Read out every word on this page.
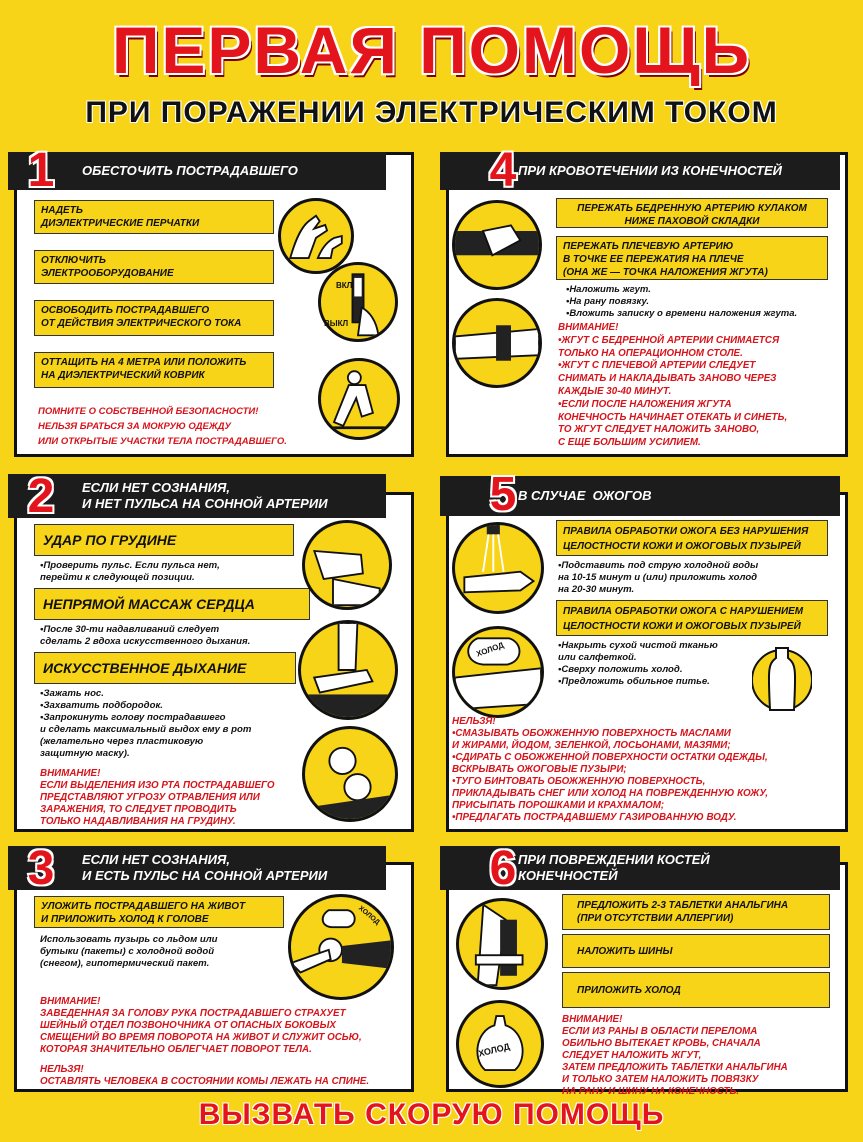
ПЕРВАЯ ПОМОЩЬ
ПРИ ПОРАЖЕНИИ ЭЛЕКТРИЧЕСКИМ ТОКОМ
ОБЕСТОЧИТЬ ПОСТРАДАВШЕГО
1
НАДЕТЬ
ДИЭЛЕКТРИЧЕСКИЕ ПЕРЧАТКИ
ОТКЛЮЧИТЬ
ЭЛЕКТРООБОРУДОВАНИЕ
ОСВОБОДИТЬ ПОСТРАДАВШЕГО
ОТ ДЕЙСТВИЯ ЭЛЕКТРИЧЕСКОГО ТОКА
ОТТАЩИТЬ НА 4 МЕТРА ИЛИ ПОЛОЖИТЬ
НА ДИЭЛЕКТРИЧЕСКИЙ КОВРИК
ВКЛ
ВЫКЛ
ПОМНИТЕ О СОБСТВЕННОЙ БЕЗОПАСНОСТИ!
НЕЛЬЗЯ БРАТЬСЯ ЗА МОКРУЮ ОДЕЖДУ
ИЛИ ОТКРЫТЫЕ УЧАСТКИ ТЕЛА ПОСТРАДАВШЕГО.
ПРИ КРОВОТЕЧЕНИИ ИЗ КОНЕЧНОСТЕЙ
4
ПЕРЕЖАТЬ БЕДРЕННУЮ АРТЕРИЮ КУЛАКОМ
НИЖЕ ПАХОВОЙ СКЛАДКИ
ПЕРЕЖАТЬ ПЛЕЧЕВУЮ АРТЕРИЮ
В ТОЧКЕ ЕЕ ПЕРЕЖАТИЯ НА ПЛЕЧЕ
(ОНА ЖЕ — ТОЧКА НАЛОЖЕНИЯ ЖГУТА)
•Наложить жгут.
•На рану повязку.
•Вложить записку о времени наложения жгута.
ВНИМАНИЕ!
•ЖГУТ С БЕДРЕННОЙ АРТЕРИИ СНИМАЕТСЯ
ТОЛЬКО НА ОПЕРАЦИОННОМ СТОЛЕ.
•ЖГУТ С ПЛЕЧЕВОЙ АРТЕРИИ СЛЕДУЕТ
СНИМАТЬ И НАКЛАДЫВАТЬ ЗАНОВО ЧЕРЕЗ
КАЖДЫЕ 30-40 МИНУТ.
•ЕСЛИ ПОСЛЕ НАЛОЖЕНИЯ ЖГУТА
КОНЕЧНОСТЬ НАЧИНАЕТ ОТЕКАТЬ И СИНЕТЬ,
ТО ЖГУТ СЛЕДУЕТ НАЛОЖИТЬ ЗАНОВО,
С ЕЩЕ БОЛЬШИМ УСИЛИЕМ.
ЕСЛИ НЕТ СОЗНАНИЯ,
И НЕТ ПУЛЬСА НА СОННОЙ АРТЕРИИ
2
УДАР ПО ГРУДИНЕ
•Проверить пульс. Если пульса нет,
перейти к следующей позиции.
НЕПРЯМОЙ МАССАЖ СЕРДЦА
•После 30-ти надавливаний следует
сделать 2 вдоха искусственного дыхания.
ИСКУССТВЕННОЕ ДЫХАНИЕ
•Зажать нос.
•Захватить подбородок.
•Запрокинуть голову пострадавшего
и сделать максимальный выдох ему в рот
(желательно через пластиковую
защитную маску).
ВНИМАНИЕ!
ЕСЛИ ВЫДЕЛЕНИЯ ИЗО РТА ПОСТРАДАВШЕГО
ПРЕДСТАВЛЯЮТ УГРОЗУ ОТРАВЛЕНИЯ ИЛИ
ЗАРАЖЕНИЯ, ТО СЛЕДУЕТ ПРОВОДИТЬ
ТОЛЬКО НАДАВЛИВАНИЯ НА ГРУДИНУ.
В СЛУЧАЕ  ОЖОГОВ
5
ХОЛОД
ПРАВИЛА ОБРАБОТКИ ОЖОГА БЕЗ НАРУШЕНИЯ
ЦЕЛОСТНОСТИ КОЖИ И ОЖОГОВЫХ ПУЗЫРЕЙ
•Подставить под струю холодной воды
на 10-15 минут и (или) приложить холод
на 20-30 минут.
ПРАВИЛА ОБРАБОТКИ ОЖОГА С НАРУШЕНИЕМ
ЦЕЛОСТНОСТИ КОЖИ И ОЖОГОВЫХ ПУЗЫРЕЙ
•Накрыть сухой чистой тканью
или салфеткой.
•Сверху положить холод.
•Предложить обильное питье.
НЕЛЬЗЯ!
•СМАЗЫВАТЬ ОБОЖЖЕННУЮ ПОВЕРХНОСТЬ МАСЛАМИ
И ЖИРАМИ, ЙОДОМ, ЗЕЛЕНКОЙ, ЛОСЬОНАМИ, МАЗЯМИ;
•СДИРАТЬ С ОБОЖЖЕННОЙ ПОВЕРХНОСТИ ОСТАТКИ ОДЕЖДЫ,
ВСКРЫВАТЬ ОЖОГОВЫЕ ПУЗЫРИ;
•ТУГО БИНТОВАТЬ ОБОЖЖЕННУЮ ПОВЕРХНОСТЬ,
ПРИКЛАДЫВАТЬ СНЕГ ИЛИ ХОЛОД НА ПОВРЕЖДЕННУЮ КОЖУ,
ПРИСЫПАТЬ ПОРОШКАМИ И КРАХМАЛОМ;
•ПРЕДЛАГАТЬ ПОСТРАДАВШЕМУ ГАЗИРОВАННУЮ ВОДУ.
ЕСЛИ НЕТ СОЗНАНИЯ,
И ЕСТЬ ПУЛЬС НА СОННОЙ АРТЕРИИ
3
УЛОЖИТЬ ПОСТРАДАВШЕГО НА ЖИВОТ
И ПРИЛОЖИТЬ ХОЛОД К ГОЛОВЕ
Использовать пузырь со льдом или
бутыки (пакеты) с холодной водой
(снегом), гипотермический пакет.
ХОЛОД
ВНИМАНИЕ!
ЗАВЕДЕННАЯ ЗА ГОЛОВУ РУКА ПОСТРАДАВШЕГО СТРАХУЕТ
ШЕЙНЫЙ ОТДЕЛ ПОЗВОНОЧНИКА ОТ ОПАСНЫХ БОКОВЫХ
СМЕЩЕНИЙ ВО ВРЕМЯ ПОВОРОТА НА ЖИВОТ И СЛУЖИТ ОСЬЮ,
КОТОРАЯ ЗНАЧИТЕЛЬНО ОБЛЕГЧАЕТ ПОВОРОТ ТЕЛА.
НЕЛЬЗЯ!
ОСТАВЛЯТЬ ЧЕЛОВЕКА В СОСТОЯНИИ КОМЫ ЛЕЖАТЬ НА СПИНЕ.
ПРИ ПОВРЕЖДЕНИИ КОСТЕЙ
КОНЕЧНОСТЕЙ
6
ХОЛОД
ПРЕДЛОЖИТЬ 2-3 ТАБЛЕТКИ АНАЛЬГИНА
(ПРИ ОТСУТСТВИИ АЛЛЕРГИИ)
НАЛОЖИТЬ ШИНЫ
ПРИЛОЖИТЬ ХОЛОД
ВНИМАНИЕ!
ЕСЛИ ИЗ РАНЫ В ОБЛАСТИ ПЕРЕЛОМА
ОБИЛЬНО ВЫТЕКАЕТ КРОВЬ, СНАЧАЛА
СЛЕДУЕТ НАЛОЖИТЬ ЖГУТ,
ЗАТЕМ ПРЕДЛОЖИТЬ ТАБЛЕТКИ АНАЛЬГИНА
И ТОЛЬКО ЗАТЕМ НАЛОЖИТЬ ПОВЯЗКУ
НА РАНУ И ШИНУ НА КОНЕЧНОСТЬ.
ВЫЗВАТЬ СКОРУЮ ПОМОЩЬ
